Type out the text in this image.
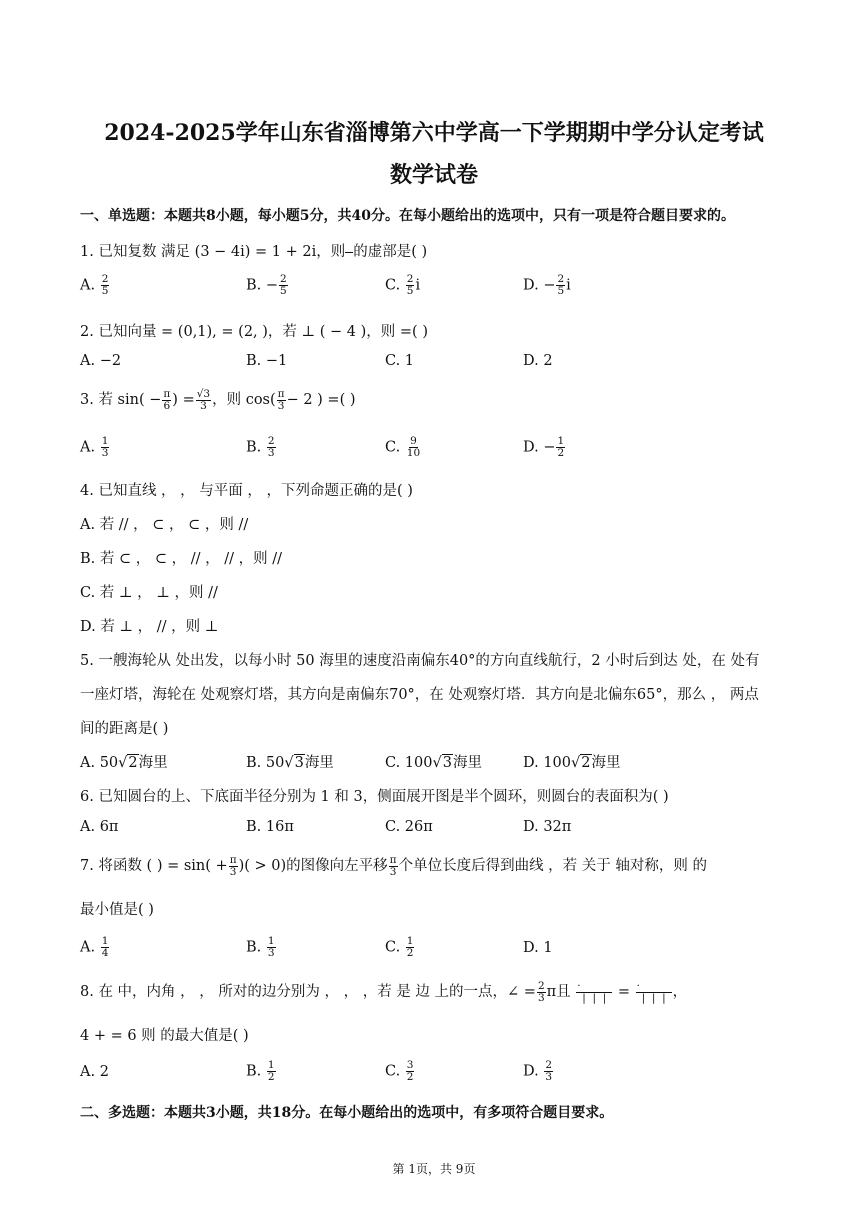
2024-2025学年山东省淄博第六中学高一下学期期中学分认定考试
数学试卷
一、单选题：本题共8小题，每小题5分，共40分。在每小题给出的选项中，只有一项是符合题目要求的。
1. 已知复数 满足 (3 − 4i) = 1 + 2i，则 的虚部是( )
A. $\frac{2}{5}$	B. − $\frac{2}{5}$	C. $\frac{2}{5}$ i	D. − $\frac{2}{5}$ i
2. 已知向量 = (0,1), = (2, )，若 ⊥ ( − 4 )，则 =( )
A. −2	B. −1	C. 1	D. 2
3. 若 $\sin( - \frac{\pi}{6}$ ) = $\frac{√3}{3}$ ，则 $\cos( \frac{\pi}{3} - 2$ ) =( )
A. $\frac{1}{3}$	B. $\frac{2}{3}$	C. $\frac{9}{10}$	D. − $\frac{1}{2}$
4. 已知直线 ， ， 与平面 ， ，下列命题正确的是( )
A. 若 // ， ⊂ ， ⊂ ，则 //
B. 若 ⊂ ， ⊂ ， // ， // ，则 //
C. 若 ⊥ ， ⊥ ，则 //
D. 若 ⊥ ， // ，则 ⊥
5. 一艘海轮从 处出发，以每小时 50 海里的速度沿南偏东40°的方向直线航行，2 小时后到达 处，在 处有
一座灯塔，海轮在 处观察灯塔，其方向是南偏东70°，在 处观察灯塔．其方向是北偏东65°，那么 ， 两点
间的距离是( )
A. 50√2海里	B. 50√3海里	C. 100√3海里	D. 100√2海里
6. 已知圆台的上、下底面半径分别为 1 和 3，侧面展开图是半个圆环，则圆台的表面积为( )
A. 6π	B. 16π	C. 26π	D. 32π
7. 将函数 ( ) = $\sin( + \frac{\pi}{3}$ )( > 0)的图像向左平移 $\frac{\pi}{3}$ 个单位长度后得到曲线 ，若 关于 轴对称，则 的
最小值是( )
A. $\frac{1}{4}$	B. $\frac{1}{3}$	C. $\frac{1}{2}$	D. 1
8. 在 中，内角 ， ， 所对的边分别为 ， ， ，若 是 边 上的一点，∠ = $\frac{2}{3}$ π且 $\frac{\cdot}{| | |} = \frac{\cdot}{| | |}$ ，
4 + = 6 则 的最大值是( )
A. 2	B. $\frac{1}{2}$	C. $\frac{3}{2}$	D. $\frac{2}{3}$
二、多选题：本题共3小题，共18分。在每小题给出的选项中，有多项符合题目要求。
第 1页，共 9页
